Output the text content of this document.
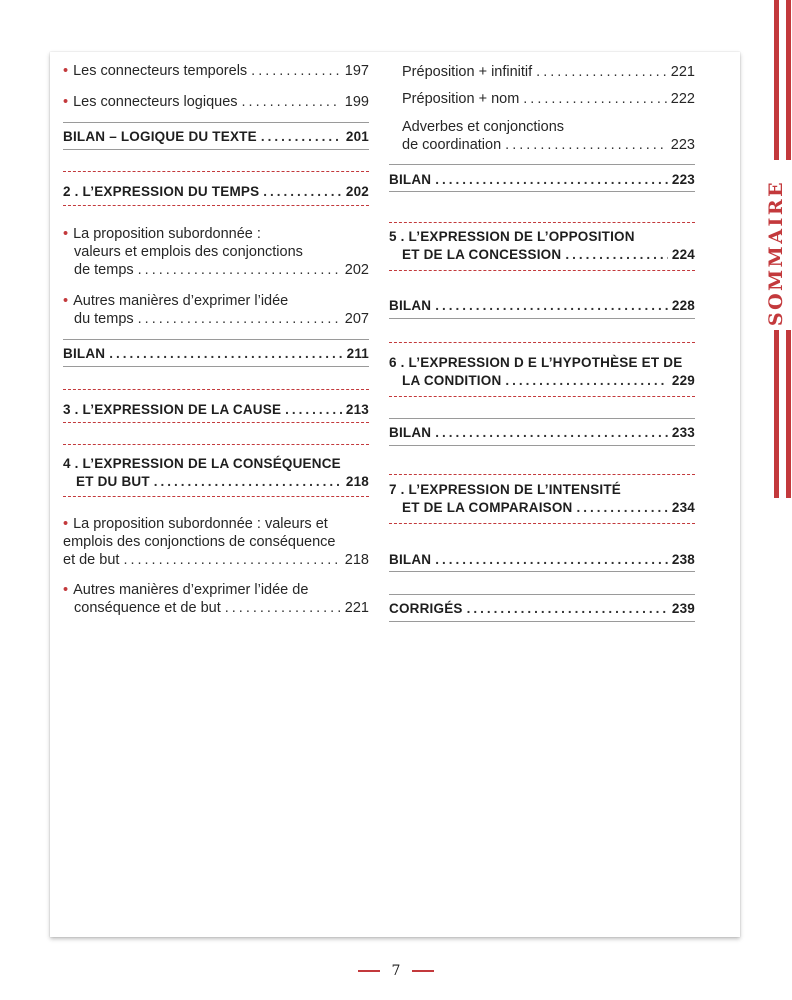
SOMMAIRE
• Les connecteurs temporels .....	197
• Les connecteurs logiques .....	199
BILAN – LOGIQUE DU TEXTE .....	201
2 . L’EXPRESSION DU TEMPS .....	202
• La proposition subordonnée :
valeurs et emplois des conjonctions
de temps .....	202
• Autres manières d’exprimer l’idée
du temps .....	207
BILAN .....	211
3 . L’EXPRESSION DE LA CAUSE .....	213
4 . L’EXPRESSION DE LA CONSÉQUENCE
ET DU BUT .....	218
• La proposition subordonnée : valeurs et
emplois des conjonctions de conséquence
et de but .....	218
• Autres manières d’exprimer l’idée de
conséquence et de but .....	221
Préposition + infinitif .....	221
Préposition + nom .....	222
Adverbes et conjonctions
de coordination .....	223
BILAN .....	223
5 . L’EXPRESSION DE L’OPPOSITION
ET DE LA CONCESSION .....	224
BILAN .....	228
6 . L’EXPRESSION D E L’HYPOTHÈSE ET DE
LA CONDITION .....	229
BILAN .....	233
7 . L’EXPRESSION DE L’INTENSITÉ
ET DE LA COMPARAISON .....	234
BILAN .....	238
CORRIGÉS .....	239
7
